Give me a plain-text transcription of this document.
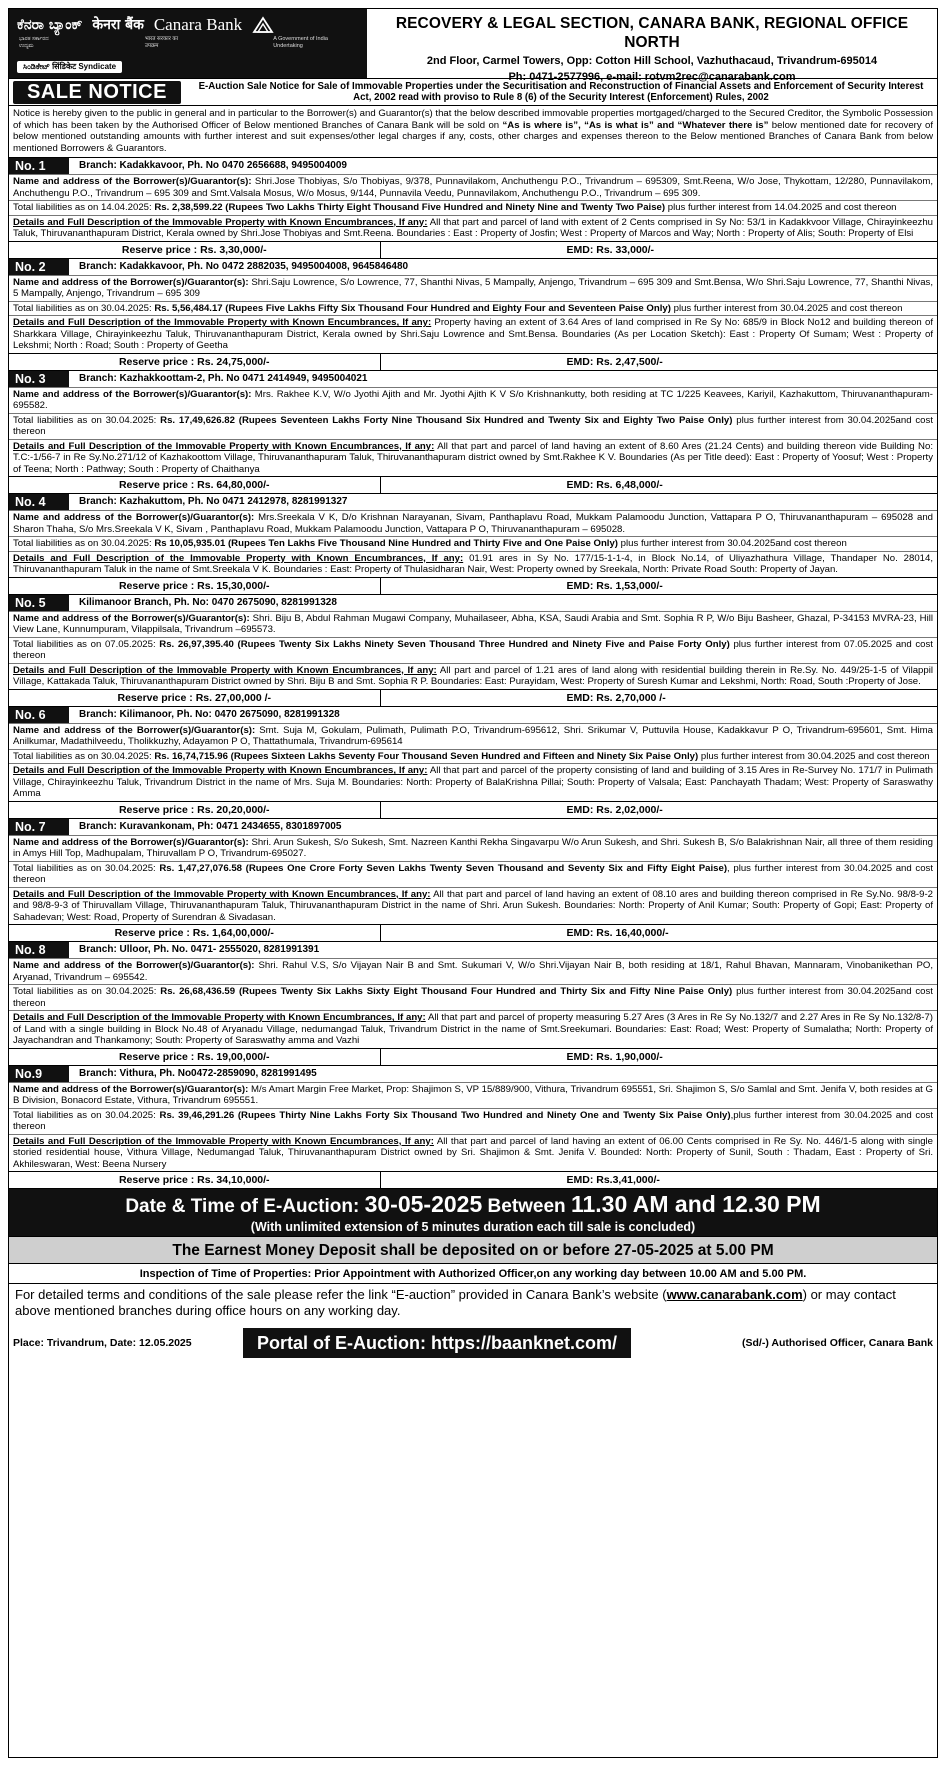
ಕೆನರಾ ಬ್ಯಾಂಕ್ केनरा बैंक Canara Bank
ಭಾರತ ಸರ್ಕಾರದ ಉದ್ಯಮ
भारत सरकार का उपक्रम
A Government of India Undertaking
ಸಿಂಡಿಕೇಟ್ सिंडिकेट Syndicate
RECOVERY & LEGAL SECTION, CANARA BANK, REGIONAL OFFICE NORTH
2nd Floor, Carmel Towers, Opp: Cotton Hill School, Vazhuthacaud, Trivandrum-695014
Ph: 0471-2577996, e-mail: rotvm2rec@canarabank.com
SALE NOTICE	E-Auction Sale Notice for Sale of Immovable Properties under the Securitisation and Reconstruction of Financial Assets and Enforcement of Security Interest Act, 2002 read with proviso to Rule 8 (6) of the Security Interest (Enforcement) Rules, 2002
Notice is hereby given to the public in general and in particular to the Borrower(s) and Guarantor(s) that the below described immovable properties mortgaged/charged to the Secured Creditor, the Symbolic Possession of which has been taken by the Authorised Officer of Below mentioned Branches of Canara Bank will be sold on “As is where is”, “As is what is” and “Whatever there is” below mentioned date for recovery of below mentioned outstanding amounts with further interest and suit expenses/other legal charges if any, costs, other charges and expenses thereon to the Below mentioned Branches of Canara Bank from below mentioned Borrowers & Guarantors.
No. 1	Branch: Kadakkavoor, Ph. No 0470 2656688, 9495004009
Name and address of the Borrower(s)/Guarantor(s): Shri.Jose Thobiyas, S/o Thobiyas, 9/378, Punnavilakom, Anchuthengu P.O., Trivandrum – 695309, Smt.Reena, W/o Jose, Thykottam, 12/280, Punnavilakom, Anchuthengu P.O., Trivandrum – 695 309 and Smt.Valsala Mosus, W/o Mosus, 9/144, Punnavila Veedu, Punnavilakom, Anchuthengu P.O., Trivandrum – 695 309.
Total liabilities as on 14.04.2025: Rs. 2,38,599.22 (Rupees Two Lakhs Thirty Eight Thousand Five Hundred and Ninety Nine and Twenty Two Paise) plus further interest from 14.04.2025 and cost thereon
Details and Full Description of the Immovable Property with Known Encumbrances, If any: All that part and parcel of land with extent of 2 Cents comprised in Sy No: 53/1 in Kadakkvoor Village, Chirayinkeezhu Taluk, Thiruvananthapuram District, Kerala owned by Shri.Jose Thobiyas and Smt.Reena. Boundaries : East : Property of Josfin; West : Property of Marcos and Way; North : Property of Alis; South: Property of Elsi
Reserve price : Rs. 3,30,000/-	EMD: Rs. 33,000/-
No. 2	Branch: Kadakkavoor, Ph. No 0472 2882035, 9495004008, 9645846480
Name and address of the Borrower(s)/Guarantor(s): Shri.Saju Lowrence, S/o Lowrence, 77, Shanthi Nivas, 5 Mampally, Anjengo, Trivandrum – 695 309 and Smt.Bensa, W/o Shri.Saju Lowrence, 77, Shanthi Nivas, 5 Mampally, Anjengo, Trivandrum – 695 309
Total liabilities as on 30.04.2025: Rs. 5,56,484.17 (Rupees Five Lakhs Fifty Six Thousand Four Hundred and Eighty Four and Seventeen Paise Only) plus further interest from 30.04.2025 and cost thereon
Details and Full Description of the Immovable Property with Known Encumbrances, If any: Property having an extent of 3.64 Ares of land comprised in Re Sy No: 685/9 in Block No12 and building thereon of Sharkkara Village, Chirayinkeezhu Taluk, Thiruvananthapuram District, Kerala owned by Shri.Saju Lowrence and Smt.Bensa. Boundaries (As per Location Sketch): East : Property Of Sumam; West : Property of Lekshmi; North : Road; South : Property of Geetha
Reserve price : Rs. 24,75,000/-	EMD: Rs. 2,47,500/-
No. 3	Branch: Kazhakkoottam-2, Ph. No 0471 2414949, 9495004021
Name and address of the Borrower(s)/Guarantor(s): Mrs. Rakhee K.V, W/o Jyothi Ajith and Mr. Jyothi Ajith K V S/o Krishnankutty, both residing at TC 1/225 Keavees, Kariyil, Kazhakuttom, Thiruvananthapuram-695582.
Total liabilities as on 30.04.2025: Rs. 17,49,626.82 (Rupees Seventeen Lakhs Forty Nine Thousand Six Hundred and Twenty Six and Eighty Two Paise Only) plus further interest from 30.04.2025and cost thereon
Details and Full Description of the Immovable Property with Known Encumbrances, If any: All that part and parcel of land having an extent of 8.60 Ares (21.24 Cents) and building thereon vide Building No: T.C:-1/56-7 in Re Sy.No.271/12 of Kazhakoottom Village, Thiruvananthapuram Taluk, Thiruvananthapuram district owned by Smt.Rakhee K V. Boundaries (As per Title deed): East : Property of Yoosuf; West : Property of Teena; North : Pathway; South : Property of Chaithanya
Reserve price : Rs. 64,80,000/-	EMD: Rs. 6,48,000/-
No. 4	Branch: Kazhakuttom, Ph. No 0471 2412978, 8281991327
Name and address of the Borrower(s)/Guarantor(s): Mrs.Sreekala V K, D/o Krishnan Narayanan, Sivam, Panthaplavu Road, Mukkam Palamoodu Junction, Vattapara P O, Thiruvananthapuram – 695028 and Sharon Thaha, S/o Mrs.Sreekala V K, Sivam , Panthaplavu Road, Mukkam Palamoodu Junction, Vattapara P O, Thiruvananthapuram – 695028.
Total liabilities as on 30.04.2025: Rs 10,05,935.01 (Rupees Ten Lakhs Five Thousand Nine Hundred and Thirty Five and One Paise Only) plus further interest from 30.04.2025and cost thereon
Details and Full Description of the Immovable Property with Known Encumbrances, If any: 01.91 ares in Sy No. 177/15-1-1-4, in Block No.14, of Uliyazhathura Village, Thandaper No. 28014, Thiruvananthapuram Taluk in the name of Smt.Sreekala V K. Boundaries : East: Property of Thulasidharan Nair, West: Property owned by Sreekala, North: Private Road South: Property of Jayan.
Reserve price : Rs. 15,30,000/-	EMD: Rs. 1,53,000/-
No. 5	Kilimanoor Branch, Ph. No: 0470 2675090, 8281991328
Name and address of the Borrower(s)/Guarantor(s): Shri. Biju B, Abdul Rahman Mugawi Company, Muhailaseer, Abha, KSA, Saudi Arabia and Smt. Sophia R P, W/o Biju Basheer, Ghazal, P-34153 MVRA-23, Hill View Lane, Kunnumpuram, Vilappilsala, Trivandrum –695573.
Total liabilities as on 07.05.2025: Rs. 26,97,395.40 (Rupees Twenty Six Lakhs Ninety Seven Thousand Three Hundred and Ninety Five and Paise Forty Only) plus further interest from 07.05.2025 and cost thereon
Details and Full Description of the Immovable Property with Known Encumbrances, If any: All part and parcel of 1.21 ares of land along with residential building therein in Re.Sy. No. 449/25-1-5 of Vilappil Village, Kattakada Taluk, Thiruvananthapuram District owned by Shri. Biju B and Smt. Sophia R P. Boundaries: East: Purayidam, West: Property of Suresh Kumar and Lekshmi, North: Road, South :Property of Jose.
Reserve price : Rs. 27,00,000 /-	EMD: Rs. 2,70,000 /-
No. 6	Branch: Kilimanoor, Ph. No: 0470 2675090, 8281991328
Name and address of the Borrower(s)/Guarantor(s): Smt. Suja M, Gokulam, Pulimath, Pulimath P.O, Trivandrum-695612, Shri. Srikumar V, Puttuvila House, Kadakkavur P O, Trivandrum-695601, Smt. Hima Anilkumar, Madathilveedu, Tholikkuzhy, Adayamon P O, Thattathumala, Trivandrum-695614
Total liabilities as on 30.04.2025: Rs. 16,74,715.96 (Rupees Sixteen Lakhs Seventy Four Thousand Seven Hundred and Fifteen and Ninety Six Paise Only) plus further interest from 30.04.2025 and cost thereon
Details and Full Description of the Immovable Property with Known Encumbrances, If any: All that part and parcel of the property consisting of land and building of 3.15 Ares in Re-Survey No. 171/7 in Pulimath Village, Chirayinkeezhu Taluk, Trivandrum District in the name of Mrs. Suja M. Boundaries: North: Property of BalaKrishna Pillai; South: Property of Valsala; East: Panchayath Thadam; West: Property of Saraswathy Amma
Reserve price : Rs. 20,20,000/-	EMD: Rs. 2,02,000/-
No. 7	Branch: Kuravankonam, Ph: 0471 2434655, 8301897005
Name and address of the Borrower(s)/Guarantor(s): Shri. Arun Sukesh, S/o Sukesh, Smt. Nazreen Kanthi Rekha Singavarpu W/o Arun Sukesh, and Shri. Sukesh B, S/o Balakrishnan Nair, all three of them residing in Amys Hill Top, Madhupalam, Thiruvallam P O, Trivandrum-695027.
Total liabilities as on 30.04.2025: Rs. 1,47,27,076.58 (Rupees One Crore Forty Seven Lakhs Twenty Seven Thousand and Seventy Six and Fifty Eight Paise), plus further interest from 30.04.2025 and cost thereon
Details and Full Description of the Immovable Property with Known Encumbrances, If any: All that part and parcel of land having an extent of 08.10 ares and building thereon comprised in Re Sy.No. 98/8-9-2 and 98/8-9-3 of Thiruvallam Village, Thiruvananthapuram Taluk, Thiruvananthapuram District in the name of Shri. Arun Sukesh. Boundaries: North: Property of Anil Kumar; South: Property of Gopi; East: Property of Sahadevan; West: Road, Property of Surendran & Sivadasan.
Reserve price : Rs. 1,64,00,000/-	EMD: Rs. 16,40,000/-
No. 8	Branch: Ulloor, Ph. No. 0471- 2555020, 8281991391
Name and address of the Borrower(s)/Guarantor(s): Shri. Rahul V.S, S/o Vijayan Nair B and Smt. Sukumari V, W/o Shri.Vijayan Nair B, both residing at 18/1, Rahul Bhavan, Mannaram, Vinobanikethan PO, Aryanad, Trivandrum – 695542.
Total liabilities as on 30.04.2025: Rs. 26,68,436.59 (Rupees Twenty Six Lakhs Sixty Eight Thousand Four Hundred and Thirty Six and Fifty Nine Paise Only) plus further interest from 30.04.2025and cost thereon
Details and Full Description of the Immovable Property with Known Encumbrances, If any: All that part and parcel of property measuring 5.27 Ares (3 Ares in Re Sy No.132/7 and 2.27 Ares in Re Sy No.132/8-7) of Land with a single building in Block No.48 of Aryanadu Village, nedumangad Taluk, Trivandrum District in the name of Smt.Sreekumari. Boundaries: East: Road; West: Property of Sumalatha; North: Property of Jayachandran and Thankamony; South: Property of Saraswathy amma and Vazhi
Reserve price : Rs. 19,00,000/-	EMD: Rs. 1,90,000/-
No.9	Branch: Vithura, Ph. No0472-2859090, 8281991495
Name and address of the Borrower(s)/Guarantor(s): M/s Amart Margin Free Market, Prop: Shajimon S, VP 15/889/900, Vithura, Trivandrum 695551, Sri. Shajimon S, S/o Samlal and Smt. Jenifa V, both resides at G B Division, Bonacord Estate, Vithura, Trivandrum 695551.
Total liabilities as on 30.04.2025: Rs. 39,46,291.26 (Rupees Thirty Nine Lakhs Forty Six Thousand Two Hundred and Ninety One and Twenty Six Paise Only),plus further interest from 30.04.2025 and cost thereon
Details and Full Description of the Immovable Property with Known Encumbrances, If any: All that part and parcel of land having an extent of 06.00 Cents comprised in Re Sy. No. 446/1-5 along with single storied residential house, Vithura Village, Nedumangad Taluk, Thiruvananthapuram District owned by Sri. Shajimon & Smt. Jenifa V. Bounded: North: Property of Sunil, South : Thadam, East : Property of Sri. Akhileswaran, West: Beena Nursery
Reserve price : Rs. 34,10,000/-	EMD: Rs.3,41,000/-
Date & Time of E-Auction: 30-05-2025 Between 11.30 AM and 12.30 PM
(With unlimited extension of 5 minutes duration each till sale is concluded)
The Earnest Money Deposit shall be deposited on or before 27-05-2025 at 5.00 PM
Inspection of Time of Properties: Prior Appointment with Authorized Officer,on any working day between 10.00 AM and 5.00 PM.
For detailed terms and conditions of the sale please refer the link “E-auction” provided in Canara Bank’s website (www.canarabank.com) or may contact above mentioned branches during office hours on any working day.
Place: Trivandrum, Date: 12.05.2025	Portal of E-Auction: https://baanknet.com/	(Sd/-) Authorised Officer, Canara Bank
